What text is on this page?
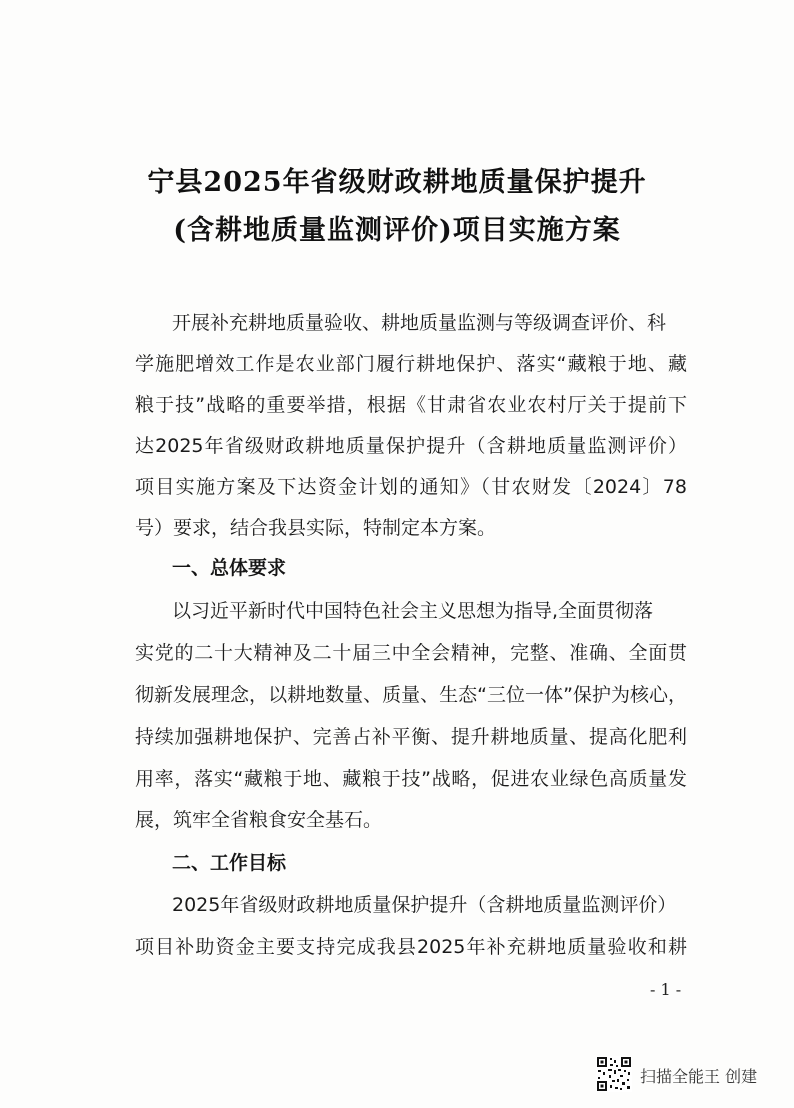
宁县2025年省级财政耕地质量保护提升
(含耕地质量监测评价)项目实施方案
开展补充耕地质量验收、耕地质量监测与等级调查评价、科
学施肥增效工作是农业部门履行耕地保护、落实“藏粮于地、藏
粮于技”战略的重要举措，根据《甘肃省农业农村厅关于提前下
达2025年省级财政耕地质量保护提升（含耕地质量监测评价）
项目实施方案及下达资金计划的通知》（甘农财发〔2024〕78
号）要求，结合我县实际，特制定本方案。
一、总体要求
以习近平新时代中国特色社会主义思想为指导,全面贯彻落
实党的二十大精神及二十届三中全会精神，完整、准确、全面贯
彻新发展理念，以耕地数量、质量、生态“三位一体”保护为核心，
持续加强耕地保护、完善占补平衡、提升耕地质量、提高化肥利
用率，落实“藏粮于地、藏粮于技”战略，促进农业绿色高质量发
展，筑牢全省粮食安全基石。
二、工作目标
2025年省级财政耕地质量保护提升（含耕地质量监测评价）
项目补助资金主要支持完成我县2025年补充耕地质量验收和耕
- 1 -
扫描全能王 创建
